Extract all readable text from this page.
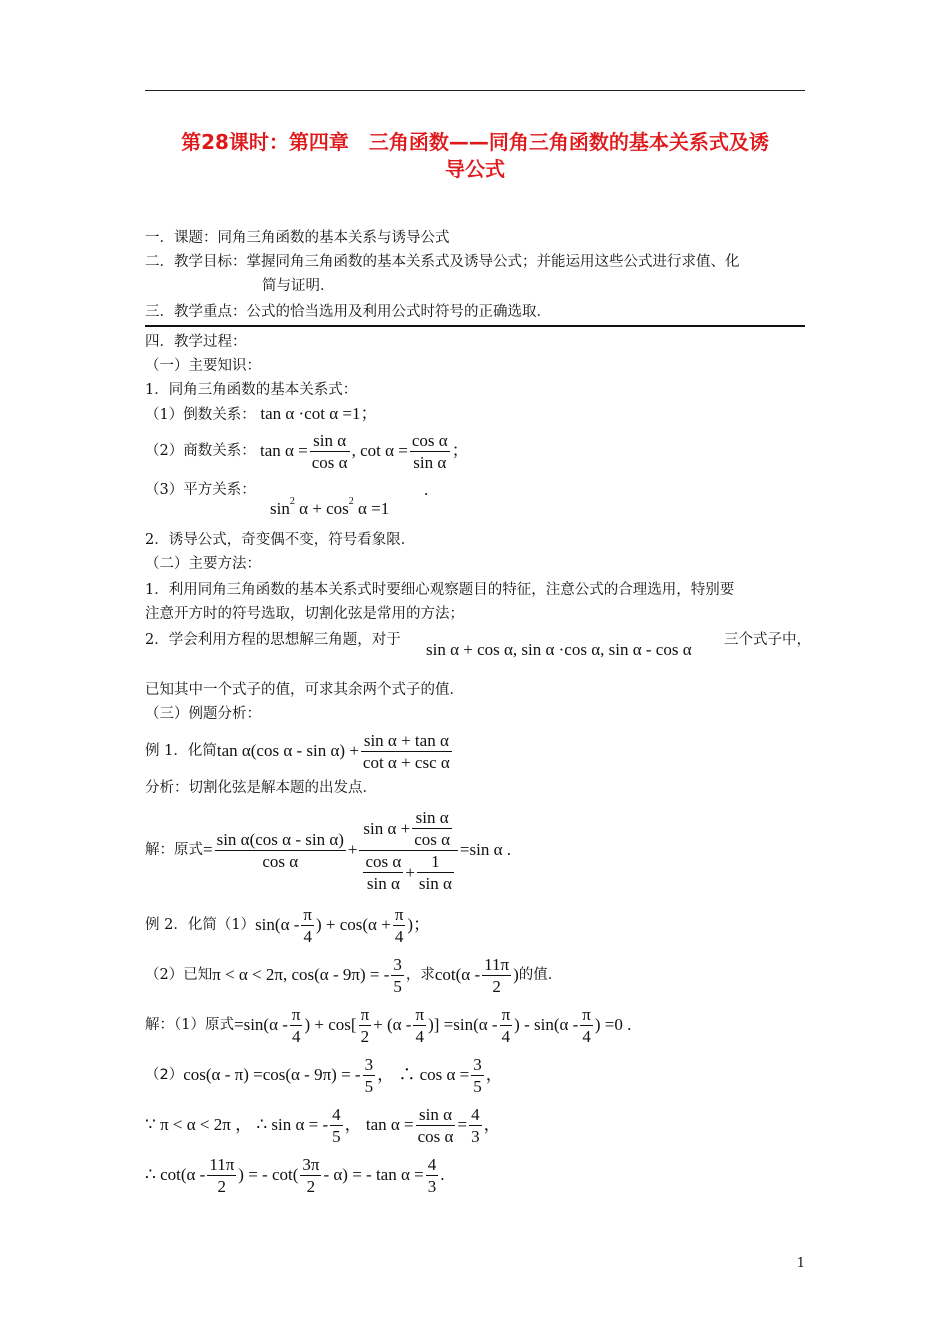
第28课时：第四章　三角函数——同角三角函数的基本关系式及诱
导公式
一．课题：同角三角函数的基本关系与诱导公式
二．教学目标：掌握同角三角函数的基本关系式及诱导公式；并能运用这些公式进行求值、化
简与证明．
三．教学重点：公式的恰当选用及利用公式时符号的正确选取．
四．教学过程：
（一）主要知识：
1．同角三角函数的基本关系式：
（1）倒数关系： tan α ·cot α =1；
（2）商数关系： $\tan \alpha = \frac{\text{sin α}}{\text{cos α}}$ , $\cot \alpha = \frac{\text{cos α}}{\text{sin α}}$ ；
（3）平方关系：
$\sin^2 \alpha + \cos^2 \alpha =1$
.
2．诱导公式，奇变偶不变，符号看象限．
（二）主要方法：
1．利用同角三角函数的基本关系式时要细心观察题目的特征，注意公式的合理选用，特别要
注意开方时的符号选取，切割化弦是常用的方法；
2．学会利用方程的思想解三角题，对于 sin α + cos α, sin α ·cos α, sin α - cos α 三个式子中，
已知其中一个式子的值，可求其余两个式子的值．
（三）例题分析：
例 1．化简 tan α(cos $\alpha - \sin \alpha) + \frac{\text{sin α + tan α}}{\text{cot α + csc α}}$
分析：切割化弦是解本题的出发点．
解：原式 = $\frac{\text{sin α(cos α - sin α)}}{\text{cos α}} + \frac{\sin \alpha + \frac{\text{sin α}}{\text{cos α}}}{\frac{\text{cos α}}{\text{sin α}} + \frac{1}{\text{sin α}}} =\sin$ α .
例 2．化简（1） $\sin(\alpha - \frac{\pi}{4}$ ) + $\cos(\alpha + \frac{\pi}{4}$ )；
（2）已知 π < α < 2π, cos(α - 9π) = - $\frac{3}{5}$ ，求 $\cot(\alpha - \frac{11\pi}{2}$ ) 的值．
解：（1）原式 $=\sin(\alpha - \frac{\pi}{4}$ ) + $\cos[ \frac{\pi}{2} + (\alpha - \frac{\pi}{4}$ )] $=\sin(\alpha - \frac{\pi}{4}$ ) - $\sin(\alpha - \frac{\pi}{4}$ ) =0 .
（2） cos(α - π) =cos(α - 9π) = - $\frac{3}{5}$ ， ∴ $\cos \alpha = \frac{3}{5}$ ，
∵ π < α < 2π ， ∴ sin α = - $\frac{4}{5}$ ， $\tan \alpha = \frac{\text{sin α}}{\text{cos α}} = \frac{4}{3}$ ，
∴ $\cot(\alpha - \frac{11\pi}{2}$ ) = - $\cot( \frac{3\pi}{2} - \alpha)$ = - $\tan \alpha = \frac{4}{3}$ .
1
